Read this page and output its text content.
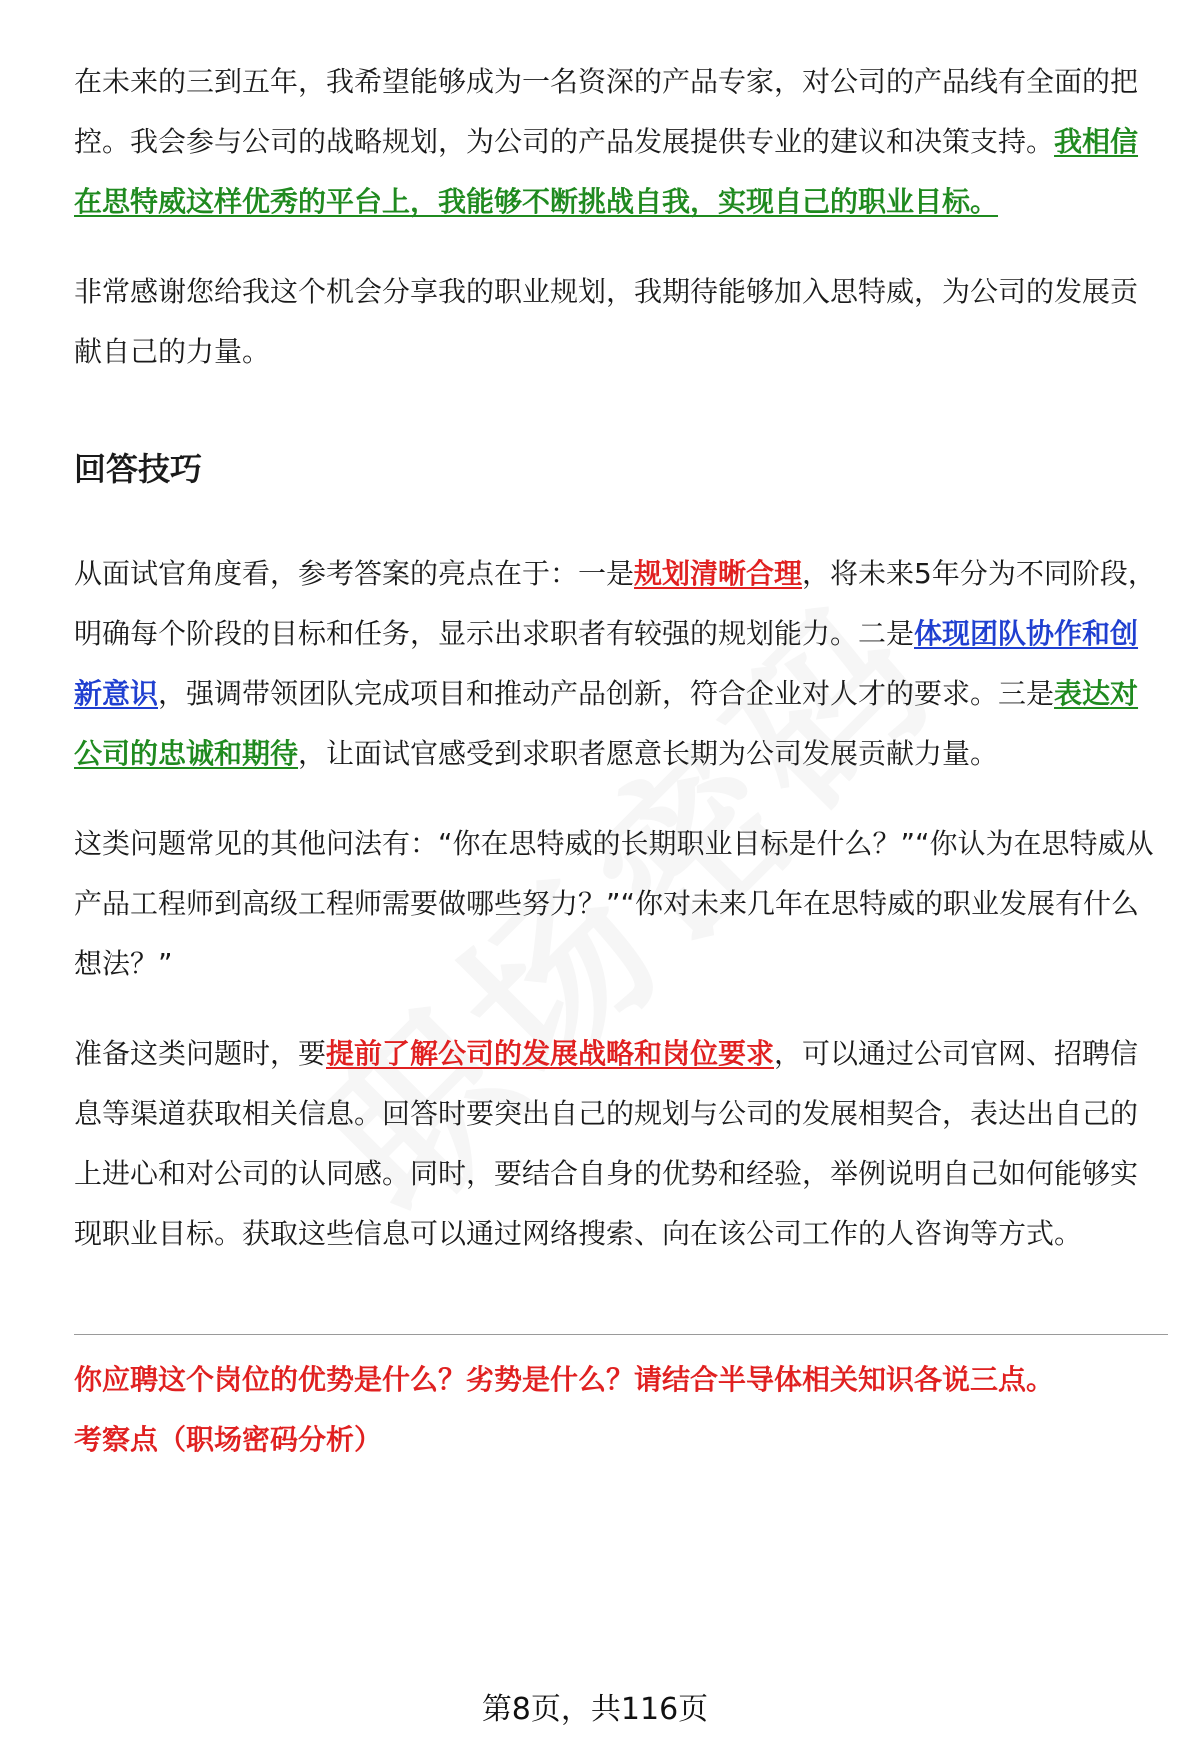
在未来的三到五年，我希望能够成为一名资深的产品专家，对公司的产品线有全面的把控。我会参与公司的战略规划，为公司的产品发展提供专业的建议和决策支持。我相信在思特威这样优秀的平台上，我能够不断挑战自我，实现自己的职业目标。

非常感谢您给我这个机会分享我的职业规划，我期待能够加入思特威，为公司的发展贡献自己的力量。

回答技巧

从面试官角度看，参考答案的亮点在于：一是规划清晰合理，将未来5年分为不同阶段，明确每个阶段的目标和任务，显示出求职者有较强的规划能力。二是体现团队协作和创新意识，强调带领团队完成项目和推动产品创新，符合企业对人才的要求。三是表达对公司的忠诚和期待，让面试官感受到求职者愿意长期为公司发展贡献力量。

这类问题常见的其他问法有：“你在思特威的长期职业目标是什么？”“你认为在思特威从产品工程师到高级工程师需要做哪些努力？”“你对未来几年在思特威的职业发展有什么想法？”

准备这类问题时，要提前了解公司的发展战略和岗位要求，可以通过公司官网、招聘信息等渠道获取相关信息。回答时要突出自己的规划与公司的发展相契合，表达出自己的上进心和对公司的认同感。同时，要结合自身的优势和经验，举例说明自己如何能够实现职业目标。获取这些信息可以通过网络搜索、向在该公司工作的人咨询等方式。

你应聘这个岗位的优势是什么？劣势是什么？请结合半导体相关知识各说三点。

考察点（职场密码分析）

第8页，共116页
